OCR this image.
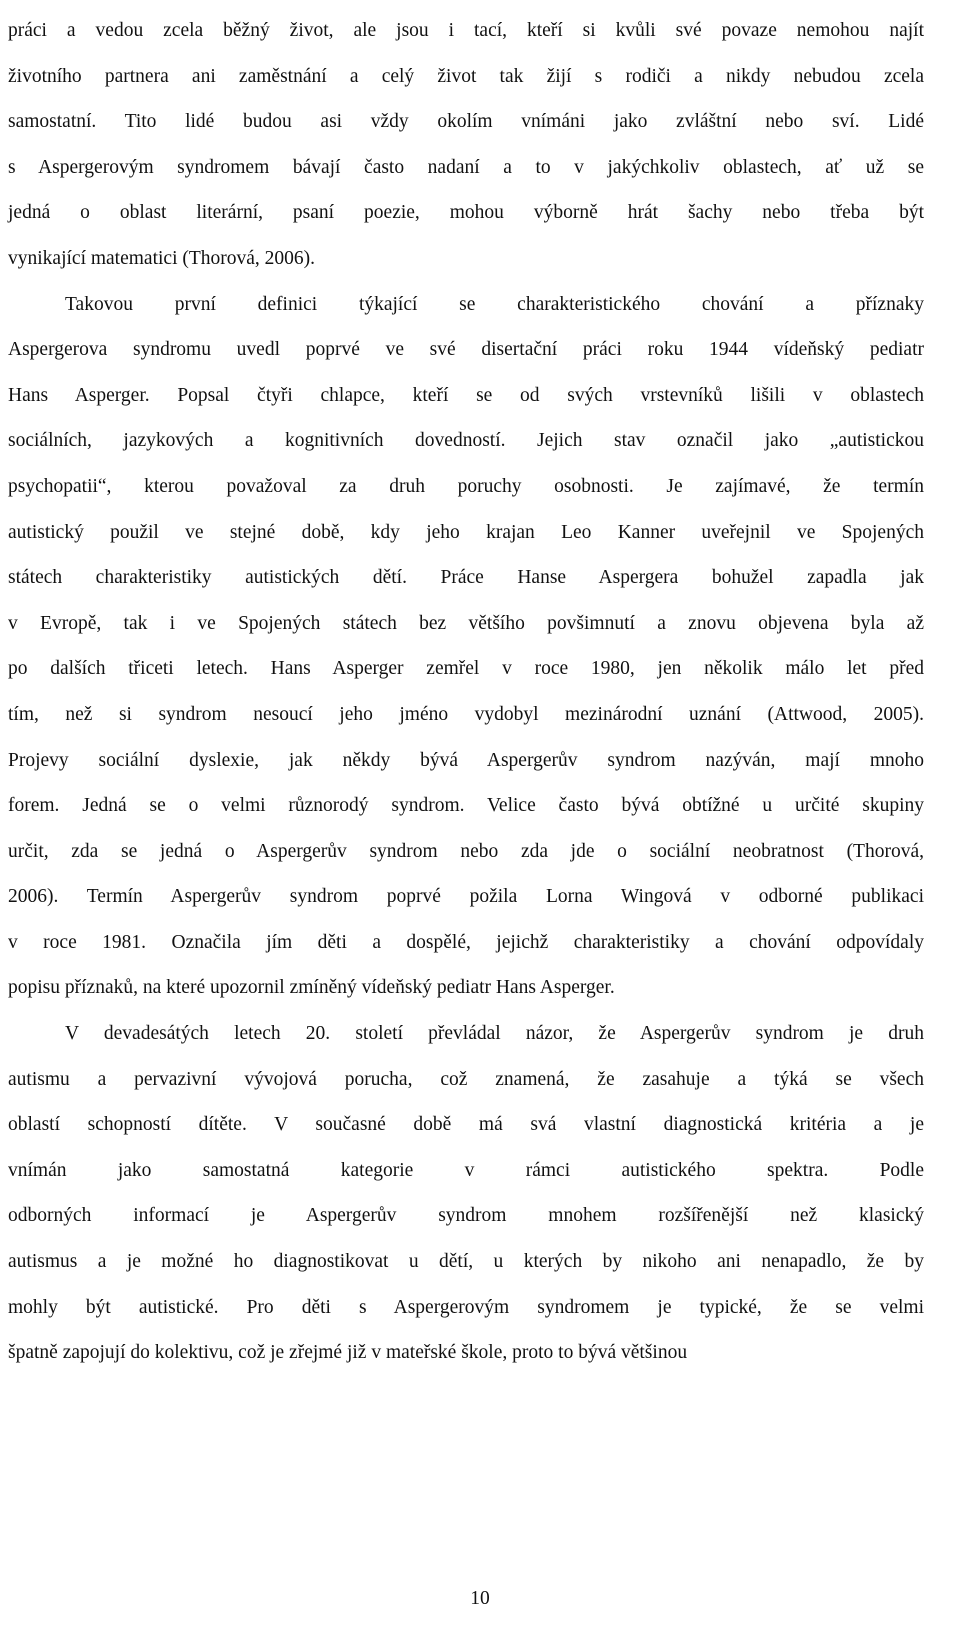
práci a vedou zcela běžný život, ale jsou i tací, kteří si kvůli své povaze nemohou najít
životního partnera ani zaměstnání a celý život tak žijí s rodiči a nikdy nebudou zcela
samostatní. Tito lidé budou asi vždy okolím vnímáni jako zvláštní nebo sví. Lidé
s Aspergerovým syndromem bávají často nadaní a to v jakýchkoliv oblastech, ať už se
jedná o oblast literární, psaní poezie, mohou výborně hrát šachy nebo třeba být
vynikající matematici (Thorová, 2006).
Takovou první definici týkající se charakteristického chování a příznaky
Aspergerova syndromu uvedl poprvé ve své disertační práci roku 1944 vídeňský pediatr
Hans Asperger. Popsal čtyři chlapce, kteří se od svých vrstevníků lišili v oblastech
sociálních, jazykových a kognitivních dovedností. Jejich stav označil jako „autistickou
psychopatii“, kterou považoval za druh poruchy osobnosti. Je zajímavé, že termín
autistický použil ve stejné době, kdy jeho krajan Leo Kanner uveřejnil ve Spojených
státech charakteristiky autistických dětí. Práce Hanse Aspergera bohužel zapadla jak
v Evropě, tak i ve Spojených státech bez většího povšimnutí a znovu objevena byla až
po dalších třiceti letech. Hans Asperger zemřel v roce 1980, jen několik málo let před
tím, než si syndrom nesoucí jeho jméno vydobyl mezinárodní uznání (Attwood, 2005).
Projevy sociální dyslexie, jak někdy bývá Aspergerův syndrom nazýván, mají mnoho
forem. Jedná se o velmi různorodý syndrom. Velice často bývá obtížné u určité skupiny
určit, zda se jedná o Aspergerův syndrom nebo zda jde o sociální neobratnost (Thorová,
2006). Termín Aspergerův syndrom poprvé požila Lorna Wingová v odborné publikaci
v roce 1981. Označila jím děti a dospělé, jejichž charakteristiky a chování odpovídaly
popisu příznaků, na které upozornil zmíněný vídeňský pediatr Hans Asperger.
V devadesátých letech 20. století převládal názor, že Aspergerův syndrom je druh
autismu a pervazivní vývojová porucha, což znamená, že zasahuje a týká se všech
oblastí schopností dítěte. V současné době má svá vlastní diagnostická kritéria a je
vnímán jako samostatná kategorie v rámci autistického spektra. Podle
odborných informací je Aspergerův syndrom mnohem rozšířenější než klasický
autismus a je možné ho diagnostikovat u dětí, u kterých by nikoho ani nenapadlo, že by
mohly být autistické. Pro děti s Aspergerovým syndromem je typické, že se velmi
špatně zapojují do kolektivu, což je zřejmé již v mateřské škole, proto to bývá většinou
10
